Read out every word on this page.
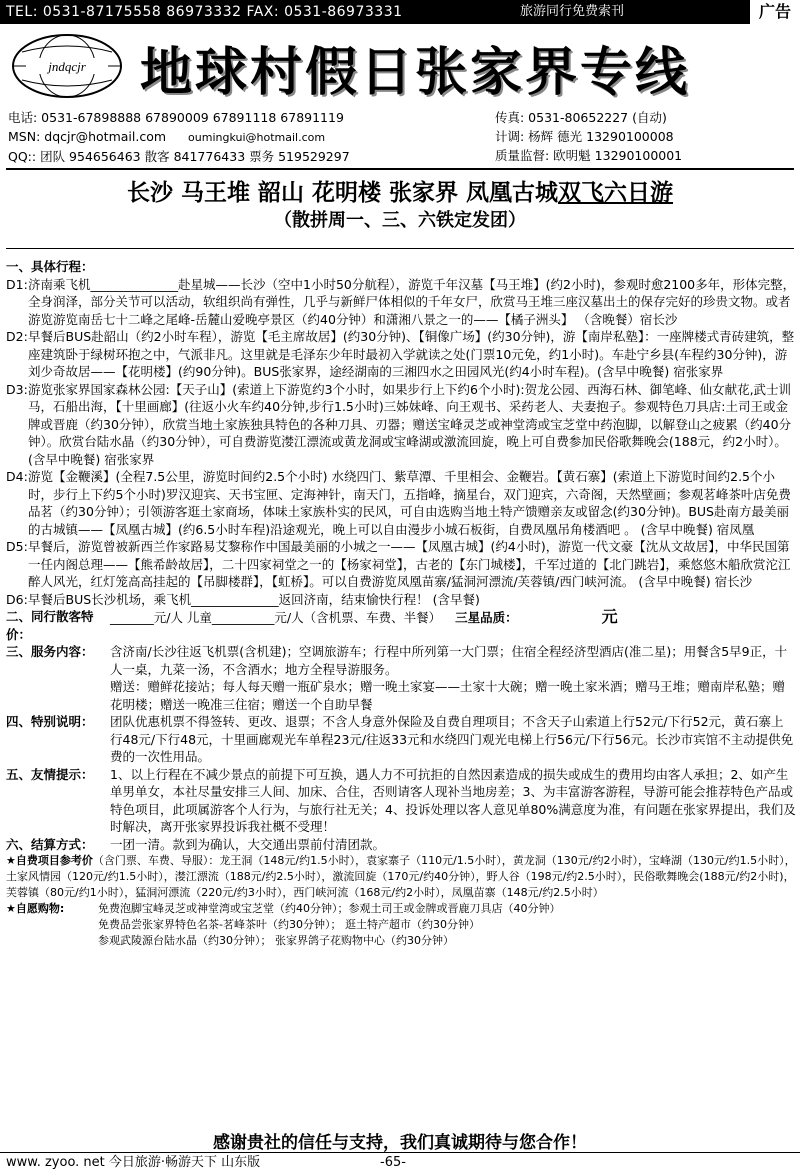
TEL: 0531-87175558 86973332 FAX: 0531-86973331	旅游同行免费索刊	广告
jndqcjr 地球村假日张家界专线
电话: 0531-67898888 67890009 67891118 67891119
MSN: dqcjr@hotmail.com oumingkui@hotmail.com
QQ:: 团队 954656463 散客 841776433 票务 519529297
传真: 0531-80652227 (自动)
计调: 杨辉 德光 13290100008
质量监督: 欧明魁 13290100001
长沙 马王堆 韶山 花明楼 张家界 凤凰古城双飞六日游
（散拼周一、三、六铁定发团）
一、具体行程：
D1: 济南乘飞机______________赴星城——长沙（空中1小时50分航程），游览千年汉墓【马王堆】(约2小时)，参观时愈2100多年，形体完整，全身润泽，部分关节可以活动，软组织尚有弹性，几乎与新鲜尸体相似的千年女尸，欣赏马王堆三座汉墓出土的保存完好的珍贵文物。或者游览游览南岳七十二峰之尾峰-岳麓山爱晚亭景区（约40分钟）和潇湘八景之一的——【橘子洲头】 （含晚餐）宿长沙
D2: 早餐后BUS赴韶山（约2小时车程），游览【毛主席故居】(约30分钟)、【铜像广场】(约30分钟)，游【南岸私塾】：一座牌楼式青砖建筑，整座建筑卧于绿树环抱之中，气派非凡。这里就是毛泽东少年时最初入学就读之处(门票10元免，约1小时)。车赴宁乡县(车程约30分钟)，游刘少奇故居——【花明楼】(约90分钟)。BUS张家界，途经湖南的三湘四水之田园风光(约4小时车程)。(含早中晚餐) 宿张家界
D3: 游览张家界国家森林公园:【天子山】(索道上下游览约3个小时，如果步行上下约6个小时):贺龙公园、西海石林、御笔峰、仙女献花,武士训马，石船出海，【十里画廊】(往返小火车约40分钟,步行1.5小时)三姊妹峰、向王观书、采药老人、夫妻抱子。参观特色刀具店:土司王或金牌或晋鹿（约30分钟），欣赏当地土家族独具特色的各种刀具、刃器；赠送宝峰灵芝或神堂湾或宝芝堂中药泡脚，以解登山之疲累（约40分钟）。欣赏台陆水晶（约30分钟），可自费游览漤江漂流或黄龙洞或宝峰湖或激流回旋，晚上可自费参加民俗歌舞晚会(188元，约2小时）。 (含早中晚餐) 宿张家界
D4: 游览【金鞭溪】(全程7.5公里，游览时间约2.5个小时) 水绕四门、紫草潭、千里相会、金鞭岩。【黄石寨】(索道上下游览时间约2.5个小时，步行上下约5个小时)罗汉迎宾、天书宝匣、定海神针，南天门，五指峰，摘星台，双门迎宾，六奇阁，天然壁画；参观茗峰茶叶店免费品茗（约30分钟）；引领游客逛土家商场，体味土家族朴实的民风，可自由选购当地土特产馈赠亲友或留念(约30分钟)。BUS赴南方最美丽的古城镇——【凤凰古城】(约6.5小时车程)沿途观光，晚上可以自由漫步小城石板街，自费凤凰吊角楼酒吧 。 (含早中晚餐) 宿凤凰
D5: 早餐后，游览曾被新西兰作家路易艾黎称作中国最美丽的小城之一——【凤凰古城】(约4小时)，游览一代文豪【沈从文故居】，中华民国第一任内阁总理——【熊希龄故居】，二十四家祠堂之一的【杨家祠堂】，古老的【东门城楼】，千军过道的【北门跳岩】，乘悠悠木船欣赏沱江醉人风光，红灯笼高高挂起的【吊脚楼群】，【虹桥】。可以自费游览凤凰苗寨/猛洞河漂流/芙蓉镇/西门峡河流。 (含早中晚餐) 宿长沙
D6: 早餐后BUS长沙机场，乘飞机______________返回济南，结束愉快行程！ (含早餐)
二、同行散客特价：
_______元/人 儿童__________元/人（含机票、车费、半餐） 三星品质：	元
三、服务内容：	含济南/长沙往返飞机票(含机建)；空调旅游车；行程中所列第一大门票；住宿全程经济型酒店(准二星)；用餐含5早9正，十人一桌，九菜一汤，不含酒水；地方全程导游服务。
赠送：赠鲜花接站；每人每天赠一瓶矿泉水；赠一晚土家宴——土家十大碗；赠一晚土家米酒；赠马王堆；赠南岸私塾；赠花明楼；赠送一晚准三住宿；赠送一个自助早餐
四、特别说明：	团队优惠机票不得签转、更改、退票；不含人身意外保险及自费自理项目；不含天子山索道上行52元/下行52元，黄石寨上行48元/下行48元，十里画廊观光车单程23元/往返33元和水绕四门观光电梯上行56元/下行56元。长沙市宾馆不主动提供免费的一次性用品。
五、友情提示：	1、以上行程在不减少景点的前提下可互换，遇人力不可抗拒的自然因素造成的损失或成生的费用均由客人承担；2、如产生单男单女，本社尽量安排三人间、加床、合住，否则请客人现补当地房差；3、为丰富游客游程，导游可能会推荐特色产品或特色项目，此项属游客个人行为，与旅行社无关；4、投诉处理以客人意见单80%满意度为准，有问题在张家界提出，我们及时解决，离开张家界投诉我社概不受理！
六、结算方式：	一团一清。款到为确认，大交通出票前付清团款。
★自费项目参考价（含门票、车费、导服）：龙王洞（148元/约1.5小时），袁家寨子（110元/1.5小时），黄龙洞（130元/约2小时），宝峰湖（130元/约1.5小时），土家风情园（120元/约1.5小时），漤江漂流（188元/约2.5小时），激流回旋（170元/约40分钟），野人谷（198元/约2.5小时），民俗歌舞晚会(188元/约2小时)，芙蓉镇（80元/约1小时），猛洞河漂流（220元/约3小时），西门峡河流（168元/约2小时），凤凰苗寨（148元/约2.5小时）
★自愿购物:	免费泡脚宝峰灵芝或神堂湾或宝芝堂（约40分钟）；参观土司王或金牌或晋鹿刀具店（40分钟）
免费品尝张家界特色名茶-茗峰茶叶（约30分钟）； 逛土特产超市（约30分钟）
参观武陵源台陆水晶（约30分钟）； 张家界鸽子花购物中心（约30分钟）
感谢贵社的信任与支持，我们真诚期待与您合作！
www. zyoo. net 今日旅游·畅游天下 山东版	-65-
